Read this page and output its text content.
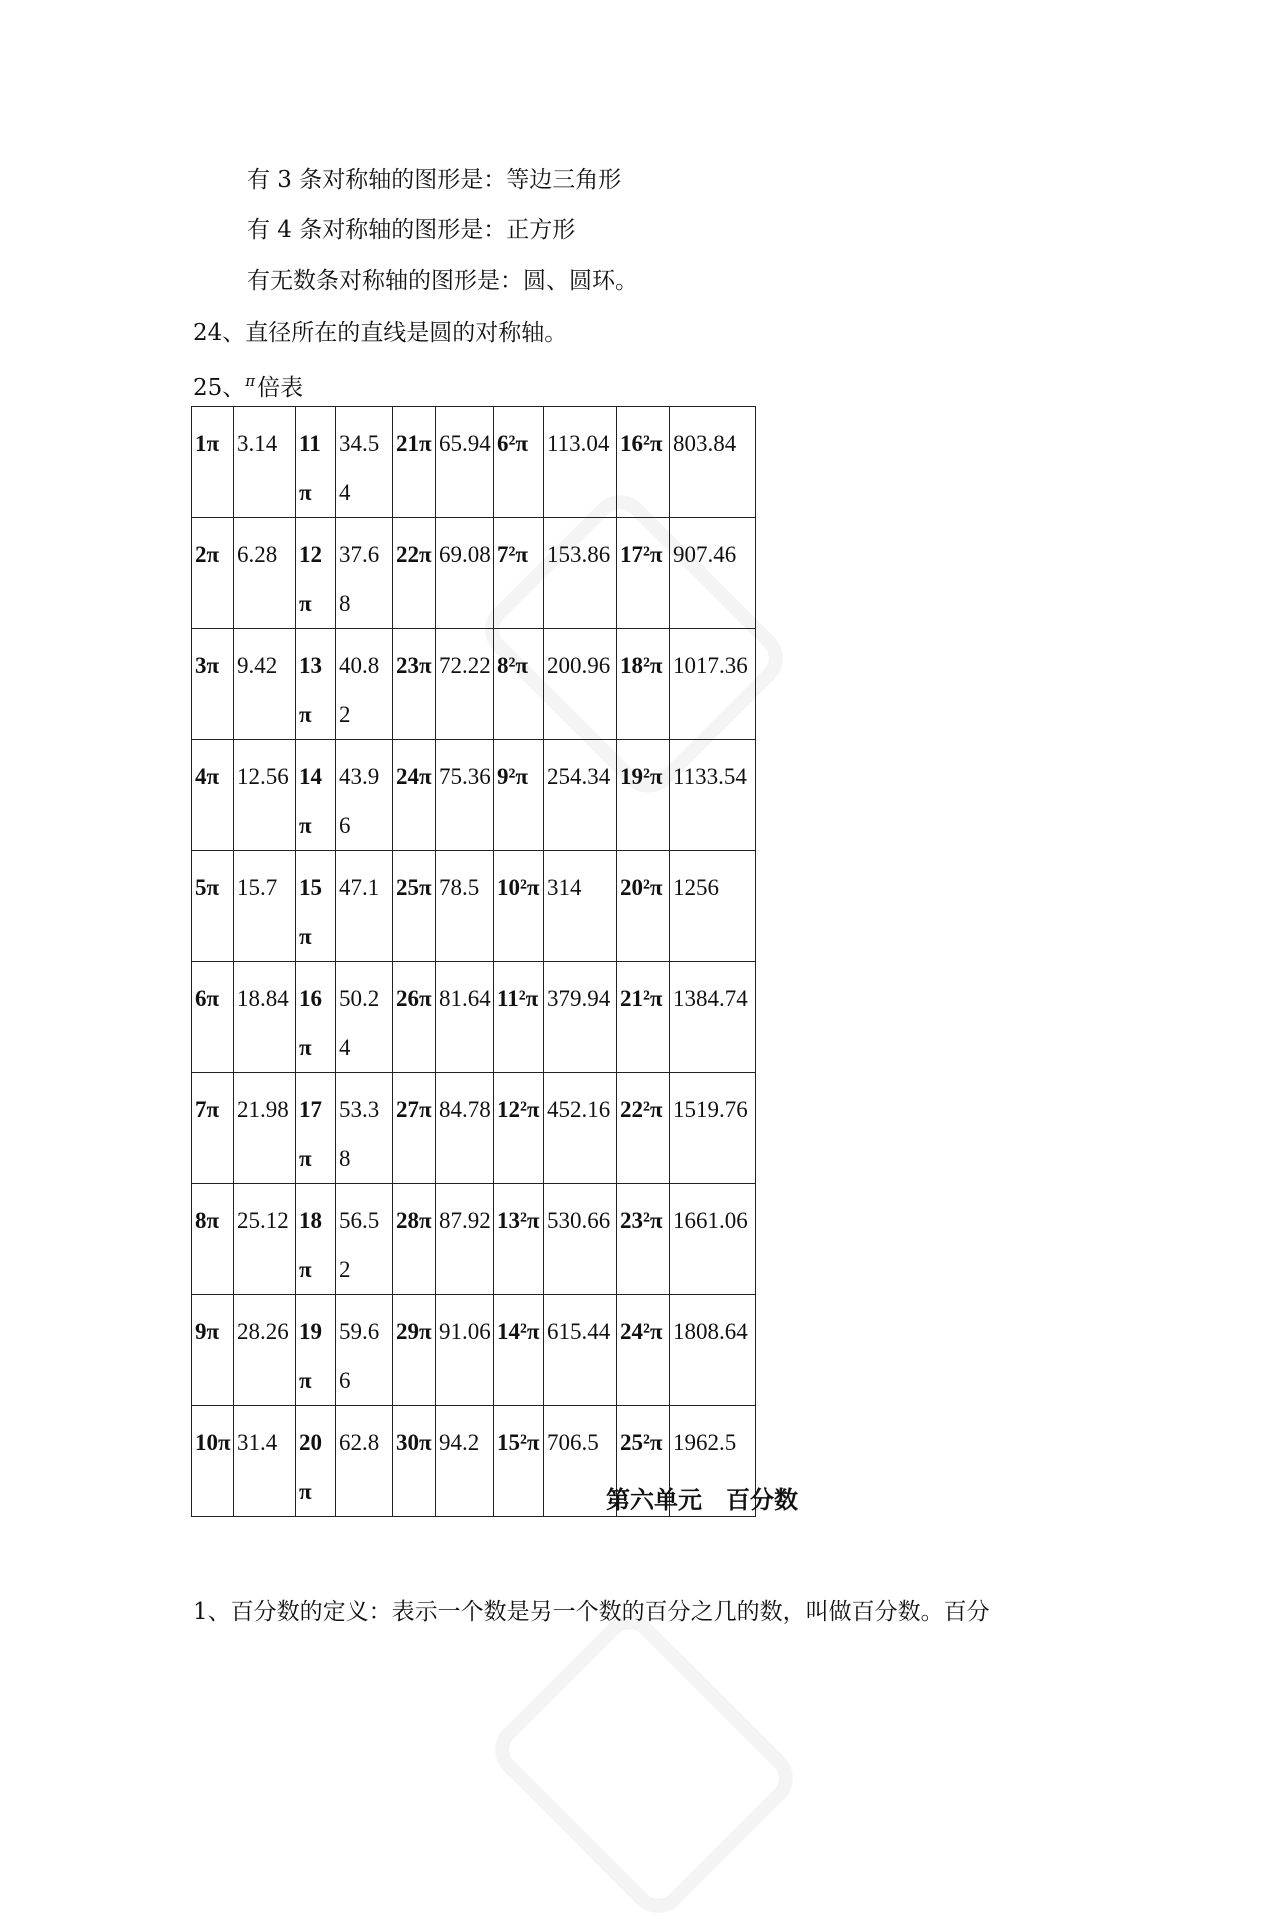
有 3 条对称轴的图形是：等边三角形

有 4 条对称轴的图形是：正方形

有无数条对称轴的图形是：圆、圆环。

24、直径所在的直线是圆的对称轴。

25、$^\pi$倍表

1π	3.14	11π	34.54	21π	65.94	6²π	113.04	16²π	803.84

2π	6.28	12π	37.68	22π	69.08	7²π	153.86	17²π	907.46

3π	9.42	13π	40.82	23π	72.22	8²π	200.96	18²π	1017.36

4π	12.56	14π	43.96	24π	75.36	9²π	254.34	19²π	1133.54

5π	15.7	15π	47.1	25π	78.5	10²π	314	20²π	1256

6π	18.84	16π	50.24	26π	81.64	11²π	379.94	21²π	1384.74

7π	21.98	17π	53.38	27π	84.78	12²π	452.16	22²π	1519.76

8π	25.12	18π	56.52	28π	87.92	13²π	530.66	23²π	1661.06

9π	28.26	19π	59.66	29π	91.06	14²π	615.44	24²π	1808.64

10π	31.4	20π	62.8	30π	94.2	15²π	706.5	25²π	1962.5
第六单元　百分数

1、百分数的定义：表示一个数是另一个数的百分之几的数，叫做百分数。百分
